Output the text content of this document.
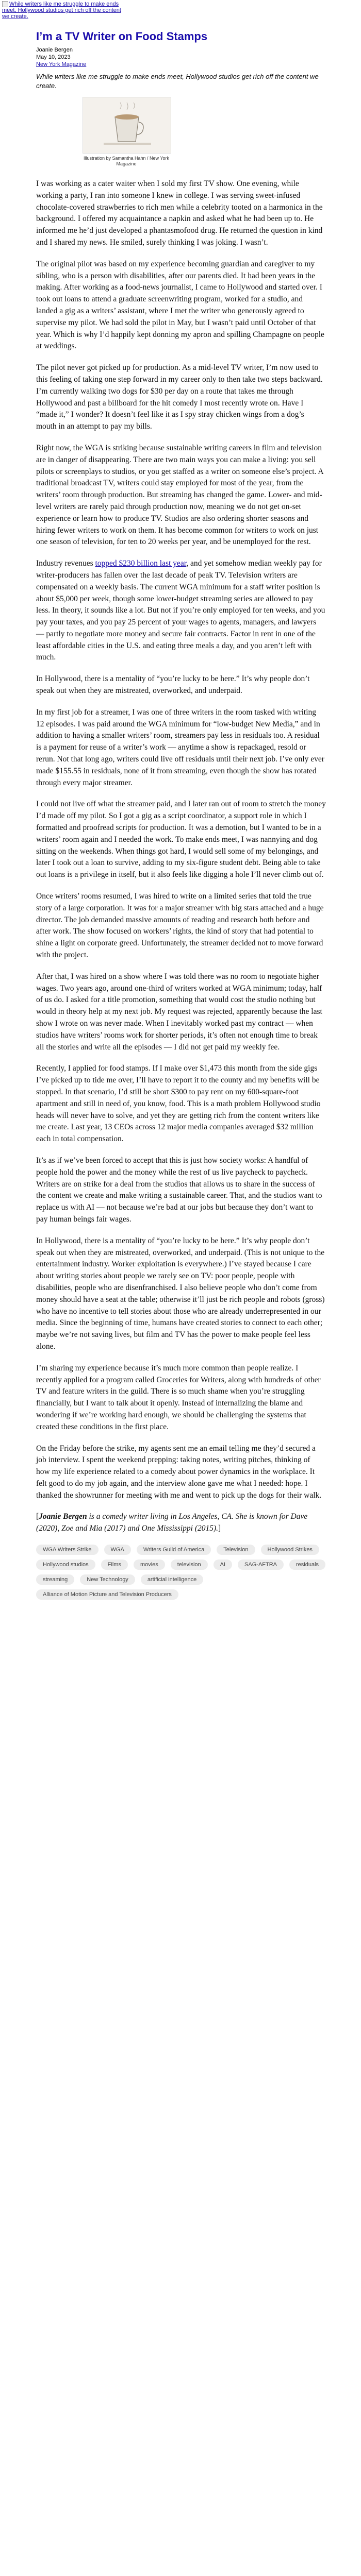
While writers like me struggle to make ends meet, Hollywood studios get rich off the content we create.
I’m a TV Writer on Food Stamps
Joanie Bergen
May 10, 2023
New York Magazine
While writers like me struggle to make ends meet, Hollywood studios get rich off the content we create.
Illustration by Samantha Hahn / New York Magazine

I was working as a cater waiter when I sold my first TV show. One evening, while working a party, I ran into someone I knew in college. I was serving sweet-infused chocolate-covered strawberries to rich men while a celebrity tooted on a harmonica in the background. I offered my acquaintance a napkin and asked what he had been up to. He informed me he’d just developed a phantasmofood drug. He returned the question in kind and I shared my news. He smiled, surely thinking I was joking. I wasn’t.

The original pilot was based on my experience becoming guardian and caregiver to my sibling, who is a person with disabilities, after our parents died. It had been years in the making. After working as a food-news journalist, I came to Hollywood and started over. I took out loans to attend a graduate screenwriting program, worked for a studio, and landed a gig as a writers’ assistant, where I met the writer who generously agreed to supervise my pilot. We had sold the pilot in May, but I wasn’t paid until October of that year. Which is why I’d happily kept donning my apron and spilling Champagne on people at weddings.

The pilot never got picked up for production. As a mid-level TV writer, I’m now used to this feeling of taking one step forward in my career only to then take two steps backward. I’m currently walking two dogs for $30 per day on a route that takes me through Hollywood and past a billboard for the hit comedy I most recently wrote on. Have I “made it,” I wonder? It doesn’t feel like it as I spy stray chicken wings from a dog’s mouth in an attempt to pay my bills.

Right now, the WGA is striking because sustainable writing careers in film and television are in danger of disappearing. There are two main ways you can make a living: you sell pilots or screenplays to studios, or you get staffed as a writer on someone else’s project. A traditional broadcast TV, writers could stay employed for most of the year, from the writers’ room through production. But streaming has changed the game. Lower- and mid-level writers are rarely paid through production now, meaning we do not get on-set experience or learn how to produce TV. Studios are also ordering shorter seasons and hiring fewer writers to work on them. It has become common for writers to work on just one season of television, for ten to 20 weeks per year, and be unemployed for the rest.

Industry revenues topped $230 billion last year, and yet somehow median weekly pay for writer-producers has fallen over the last decade of peak TV. Television writers are compensated on a weekly basis. The current WGA minimum for a staff writer position is about $5,000 per week, though some lower-budget streaming series are allowed to pay less. In theory, it sounds like a lot. But not if you’re only employed for ten weeks, and you pay your taxes, and you pay 25 percent of your wages to agents, managers, and lawyers — partly to negotiate more money and secure fair contracts. Factor in rent in one of the least affordable cities in the U.S. and eating three meals a day, and you aren’t left with much.

In Hollywood, there is a mentality of “you’re lucky to be here.” It’s why people don’t speak out when they are mistreated, overworked, and underpaid.

In my first job for a streamer, I was one of three writers in the room tasked with writing 12 episodes. I was paid around the WGA minimum for “low-budget New Media,” and in addition to having a smaller writers’ room, streamers pay less in residuals too. A residual is a payment for reuse of a writer’s work — anytime a show is repackaged, resold or rerun. Not that long ago, writers could live off residuals until their next job. I’ve only ever made $155.55 in residuals, none of it from streaming, even though the show has rotated through every major streamer.

I could not live off what the streamer paid, and I later ran out of room to stretch the money I’d made off my pilot. So I got a gig as a script coordinator, a support role in which I formatted and proofread scripts for production. It was a demotion, but I wanted to be in a writers’ room again and I needed the work. To make ends meet, I was nannying and dog sitting on the weekends. When things got hard, I would sell some of my belongings, and later I took out a loan to survive, adding to my six-figure student debt. Being able to take out loans is a privilege in itself, but it also feels like digging a hole I’ll never climb out of.

Once writers’ rooms resumed, I was hired to write on a limited series that told the true story of a large corporation. It was for a major streamer with big stars attached and a huge director. The job demanded massive amounts of reading and research both before and after work. The show focused on workers’ rights, the kind of story that had potential to shine a light on corporate greed. Unfortunately, the streamer decided not to move forward with the project.

After that, I was hired on a show where I was told there was no room to negotiate higher wages. Two years ago, around one-third of writers worked at WGA minimum; today, half of us do. I asked for a title promotion, something that would cost the studio nothing but would in theory help at my next job. My request was rejected, apparently because the last show I wrote on was never made. When I inevitably worked past my contract — when studios have writers’ rooms work for shorter periods, it’s often not enough time to break all the stories and write all the episodes — I did not get paid my weekly fee.

Recently, I applied for food stamps. If I make over $1,473 this month from the side gigs I’ve picked up to tide me over, I’ll have to report it to the county and my benefits will be stopped. In that scenario, I’d still be short $300 to pay rent on my 600-square-foot apartment and still in need of, you know, food. This is a math problem Hollywood studio heads will never have to solve, and yet they are getting rich from the content writers like me create. Last year, 13 CEOs across 12 major media companies averaged $32 million each in total compensation.

It’s as if we’ve been forced to accept that this is just how society works: A handful of people hold the power and the money while the rest of us live paycheck to paycheck. Writers are on strike for a deal from the studios that allows us to share in the success of the content we create and make writing a sustainable career. That, and the studios want to replace us with AI — not because we’re bad at our jobs but because they don’t want to pay human beings fair wages.

In Hollywood, there is a mentality of “you’re lucky to be here.” It’s why people don’t speak out when they are mistreated, overworked, and underpaid. (This is not unique to the entertainment industry. Worker exploitation is everywhere.) I’ve stayed because I care about writing stories about people we rarely see on TV: poor people, people with disabilities, people who are disenfranchised. I also believe people who don’t come from money should have a seat at the table; otherwise it’ll just be rich people and robots (gross) who have no incentive to tell stories about those who are already underrepresented in our media. Since the beginning of time, humans have created stories to connect to each other; maybe we’re not saving lives, but film and TV has the power to make people feel less alone.

I’m sharing my experience because it’s much more common than people realize. I recently applied for a program called Groceries for Writers, along with hundreds of other TV and feature writers in the guild. There is so much shame when you’re struggling financially, but I want to talk about it openly. Instead of internalizing the blame and wondering if we’re working hard enough, we should be challenging the systems that created these conditions in the first place.

On the Friday before the strike, my agents sent me an email telling me they’d secured a job interview. I spent the weekend prepping: taking notes, writing pitches, thinking of how my life experience related to a comedy about power dynamics in the workplace. It felt good to do my job again, and the interview alone gave me what I needed: hope. I thanked the showrunner for meeting with me and went to pick up the dogs for their walk.

[Joanie Bergen is a comedy writer living in Los Angeles, CA. She is known for Dave (2020), Zoe and Mia (2017) and One Mississippi (2015).]

WGA Writers Strike	WGA	Writers Guild of America	Television	Hollywood Strikes
Hollywood studios	Films	movies	television	AI	SAG-AFTRA	residuals
streaming	New Technology	artificial intelligence
Alliance of Motion Picture and Television Producers
